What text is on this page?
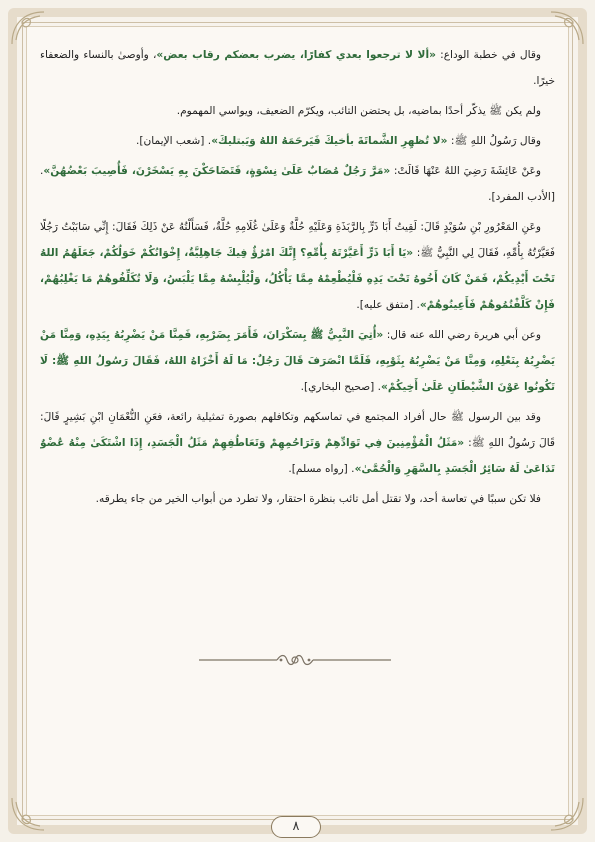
وقال في خطبة الوداع: «ألا لا ترجعوا بعدي كفارًا، يضرب بعضكم رقاب بعض»، وأوصىٰ بالنساء والضعفاء خيرًا.

ولم يكن ﷺ يذكّر أحدًا بماضيه، بل يحتضن التائب، ويكرّم الضعيف، ويواسي المهموم.

وقال رَسُولُ اللهِ ﷺ: «لا تُظهِرِ الشَّماتَةَ بأخيكَ فَيَرحَمَهُ اللهُ وَيَبتليكَ». [شعب الإيمان].

وعَنْ عَائِشَةَ رَضِيَ اللهُ عَنْهَا قَالَتْ: «مَرَّ رَجُلٌ مُصَابٌ عَلَىٰ نِسْوَةٍ، فَتَضَاحَكْنَ بِهِ يَسْخَرْنَ، فَأُصِيبَ بَعْضُهُنَّ». [الأدب المفرد].

وعَنِ المَعْرُورِ بْنِ سُوَيْدٍ قَالَ: لَقِيتُ أَبَا ذَرٍّ بِالرَّبَذَةِ وَعَلَيْهِ حُلَّةٌ وَعَلَىٰ غُلَامِهِ حُلَّةٌ، فَسَأَلْتُهُ عَنْ ذَلِكَ فَقَالَ: إِنِّي سَابَبْتُ رَجُلًا فَعَيَّرْتُهُ بِأُمِّهِ، فَقَالَ لِي النَّبِيُّ ﷺ: «يَا أَبَا ذَرٍّ أَعَيَّرْتَهُ بِأُمِّهِ؟ إِنَّكَ امْرُؤٌ فِيكَ جَاهِلِيَّةٌ، إِخْوَانُكُمْ خَوَلُكُمْ، جَعَلَهُمُ اللهُ تَحْتَ أَيْدِيكُمْ، فَمَنْ كَانَ أَخُوهُ تَحْتَ يَدِهِ فَلْيُطْعِمْهُ مِمَّا يَأْكُلُ، وَلْيُلْبِسْهُ مِمَّا يَلْبَسُ، وَلَا تُكَلِّفُوهُمْ مَا يَغْلِبُهُمْ، فَإِنْ كَلَّفْتُمُوهُمْ فَأَعِينُوهُمْ». [متفق عليه].

وعن أبي هريرة رضي الله عنه قال: «أُتِيَ النَّبِيُّ ﷺ بِسَكْرَانَ، فَأَمَرَ بِضَرْبِهِ، فَمِنَّا مَنْ يَضْرِبُهُ بِيَدِهِ، وَمِنَّا مَنْ يَضْرِبُهُ بِنَعْلِهِ، وَمِنَّا مَنْ يَضْرِبُهُ بِثَوْبِهِ، فَلَمَّا انْصَرَفَ قَالَ رَجُلٌ: مَا لَهُ أَخْزَاهُ اللهُ، فَقَالَ رَسُولُ اللهِ ﷺ: لَا تَكُونُوا عَوْنَ الشَّيْطَانِ عَلَىٰ أَخِيكُمْ». [صحيح البخاري].

وقد بين الرسول ﷺ حال أفراد المجتمع في تماسكهم وتكافلهم بصورة تمثيلية رائعة، فعَنِ النُّعْمَانِ ابْنِ بَشِيرٍ قَالَ: قَالَ رَسُولُ اللهِ ﷺ: «مَثَلُ الْمُؤْمِنِينَ فِي تَوَادِّهِمْ وَتَرَاحُمِهِمْ وَتَعَاطُفِهِمْ مَثَلُ الْجَسَدِ، إِذَا اشْتَكَىٰ مِنْهُ عُضْوٌ تَدَاعَىٰ لَهُ سَائِرُ الْجَسَدِ بِالسَّهَرِ وَالْحُمَّىٰ». [رواه مسلم].

فلا تكن سببًا في تعاسة أحد، ولا تقتل أمل تائب بنظرة احتقار، ولا تطرد من أبواب الخير من جاء يطرقه.

٨
